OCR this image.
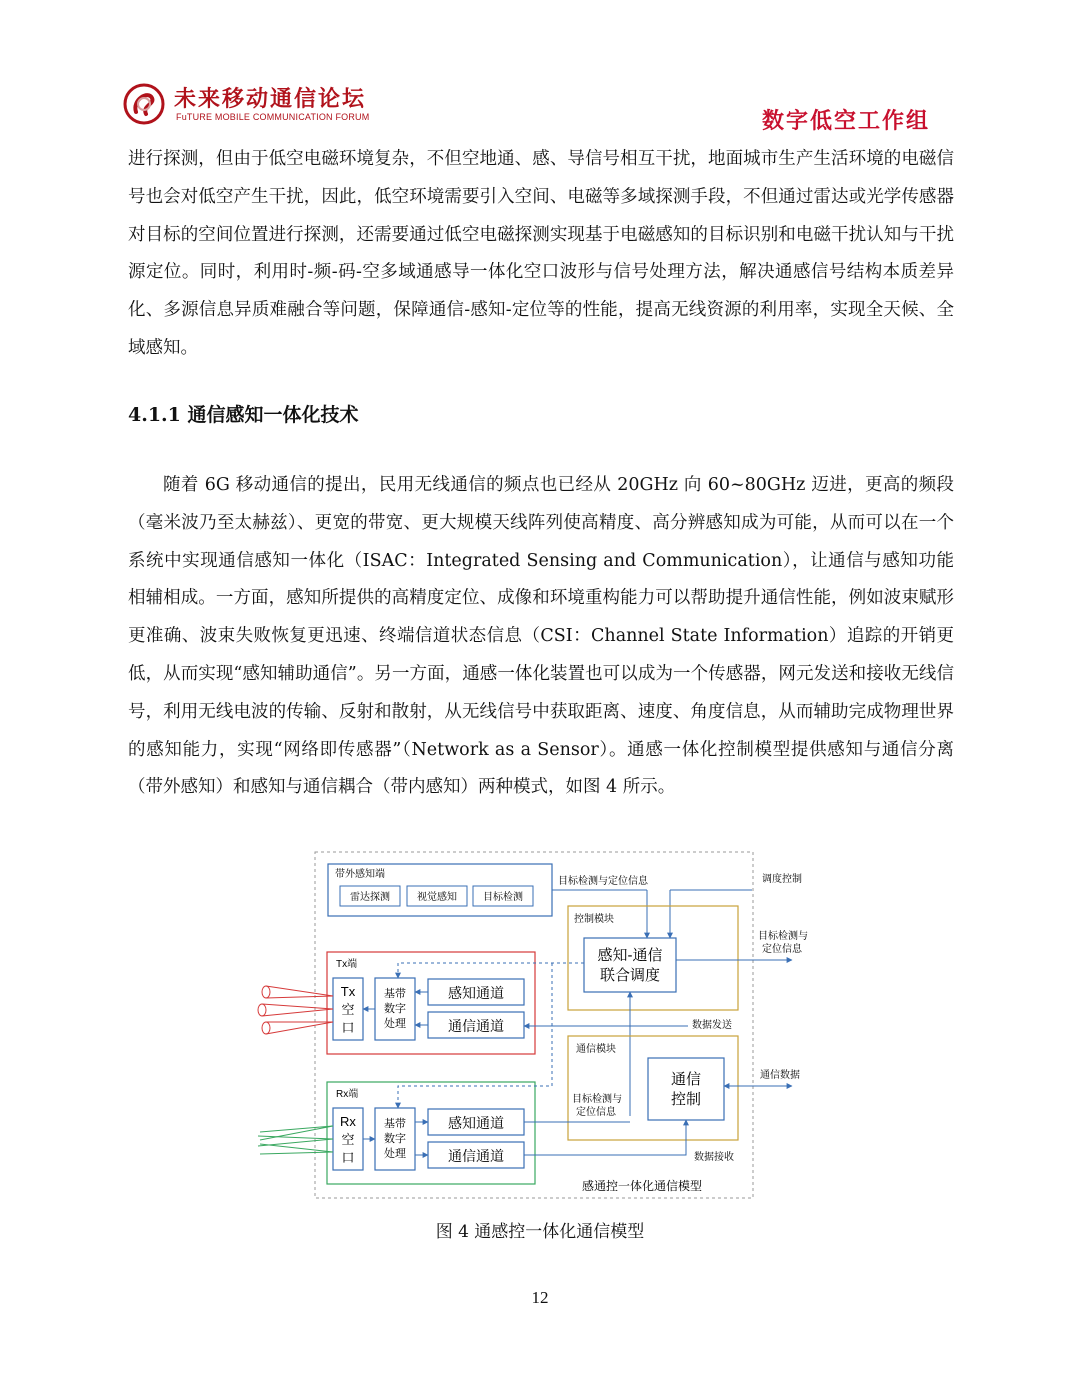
未来移动通信论坛
FuTURE MOBILE COMMUNICATION FORUM	数字低空工作组
进行探测，但由于低空电磁环境复杂，不但空地通、感、导信号相互干扰，地面城市生产生活环境的电磁信号也会对低空产生干扰，因此，低空环境需要引入空间、电磁等多域探测手段，不但通过雷达或光学传感器对目标的空间位置进行探测，还需要通过低空电磁探测实现基于电磁感知的目标识别和电磁干扰认知与干扰源定位。同时，利用时-频-码-空多域通感导一体化空口波形与信号处理方法，解决通感信号结构本质差异化、多源信息异质难融合等问题，保障通信-感知-定位等的性能，提高无线资源的利用率，实现全天候、全域感知。
4.1.1 通信感知一体化技术
随着 6G 移动通信的提出，民用无线通信的频点也已经从 20GHz 向 60~80GHz 迈进，更高的频段（毫米波乃至太赫兹）、更宽的带宽、更大规模天线阵列使高精度、高分辨感知成为可能，从而可以在一个系统中实现通信感知一体化（ISAC：Integrated Sensing and Communication），让通信与感知功能相辅相成。一方面，感知所提供的高精度定位、成像和环境重构能力可以帮助提升通信性能，例如波束赋形更准确、波束失败恢复更迅速、终端信道状态信息（CSI：Channel State Information）追踪的开销更低，从而实现“感知辅助通信”。另一方面，通感一体化装置也可以成为一个传感器，网元发送和接收无线信号，利用无线电波的传输、反射和散射，从无线信号中获取距离、速度、角度信息，从而辅助完成物理世界的感知能力，实现“网络即传感器”（Network as a Sensor）。通感一体化控制模型提供感知与通信分离（带外感知）和感知与通信耦合（带内感知）两种模式，如图 4 所示。
带外感知端
雷达探测	视觉感知	目标检测
目标检测与定位信息	调度控制
控制模块
感知-通信
联合调度
目标检测与
定位信息
Tx端
Tx
空
口
基带
数字
处理
感知通道
通信通道	数据发送
通信模块
通信
控制
通信数据
目标检测与
定位信息
Rx端
Rx
空
口
基带
数字
处理
感知通道
通信通道	数据接收
感通控一体化通信模型
图 4 通感控一体化通信模型
12
